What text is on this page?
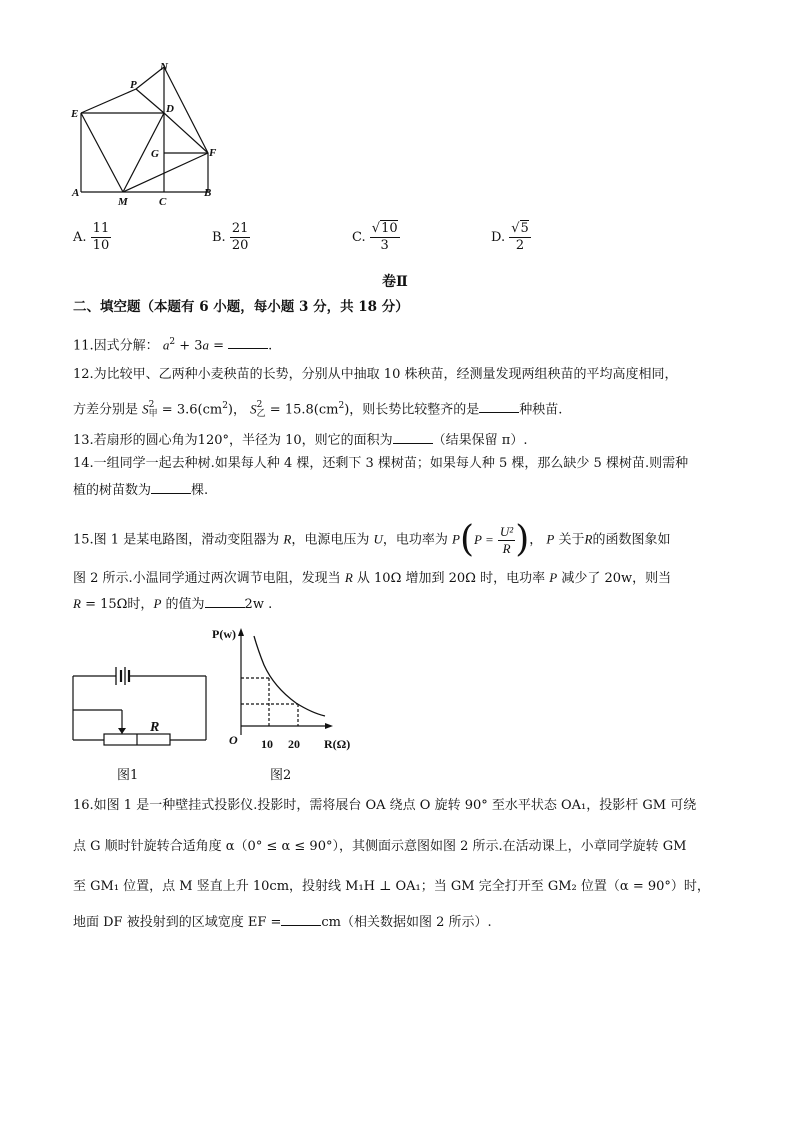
N
P
D
E
G	F
A
M	C
B
A. $\frac{11}{10}$	B. $\frac{21}{20}$	C. $\frac{√10}{3}$	D. $\frac{√5}{2}$
卷Ⅱ
二、填空题（本题有 6 小题，每小题 3 分，共 18 分）
11.因式分解： $a^2 + 3a$ =	.
12.为比较甲、乙两种小麦秧苗的长势，分别从中抽取 10 株秧苗，经测量发现两组秧苗的平均高度相同，
方差分别是 S 2
甲 = $3.6(cm^2)$， S 2
乙 = $15.8(cm^2)$，则长势比较整齐的是	种秧苗.
13.若扇形的圆心角为120°，半径为 10，则它的面积为	（结果保留 π）.
14.一组同学一起去种树.如果每人种 4 棵，还剩下 3 棵树苗；如果每人种 5 棵，那么缺少 5 棵树苗.则需种
植的树苗数为	棵.
15.图 1 是某电路图，滑动变阻器为 R，电源电压为 U，电功率为 $P(P = \frac{\text{U²}}{R}$ )， P 关于R的函数图象如
图 2 所示.小温同学通过两次调节电阻，发现当 R 从 10Ω 增加到 20Ω 时，电功率 P 减少了 20w，则当
R = 15Ω时，P 的值为	2w .
R
图1
P(w)
R(Ω)
O 10 20
图2
16.如图 1 是一种壁挂式投影仪.投影时，需将展台 OA 绕点 O 旋转 90° 至水平状态 OA₁，投影杆 GM 可绕
点 G 顺时针旋转合适角度 α（0° ≤ α ≤ 90°），其侧面示意图如图 2 所示.在活动课上，小章同学旋转 GM
至 GM₁ 位置，点 M 竖直上升 10cm，投射线 M₁H ⊥ OA₁；当 GM 完全打开至 GM₂ 位置（α = 90°）时，
地面 DF 被投射到的区域宽度 EF =	cm（相关数据如图 2 所示）.
